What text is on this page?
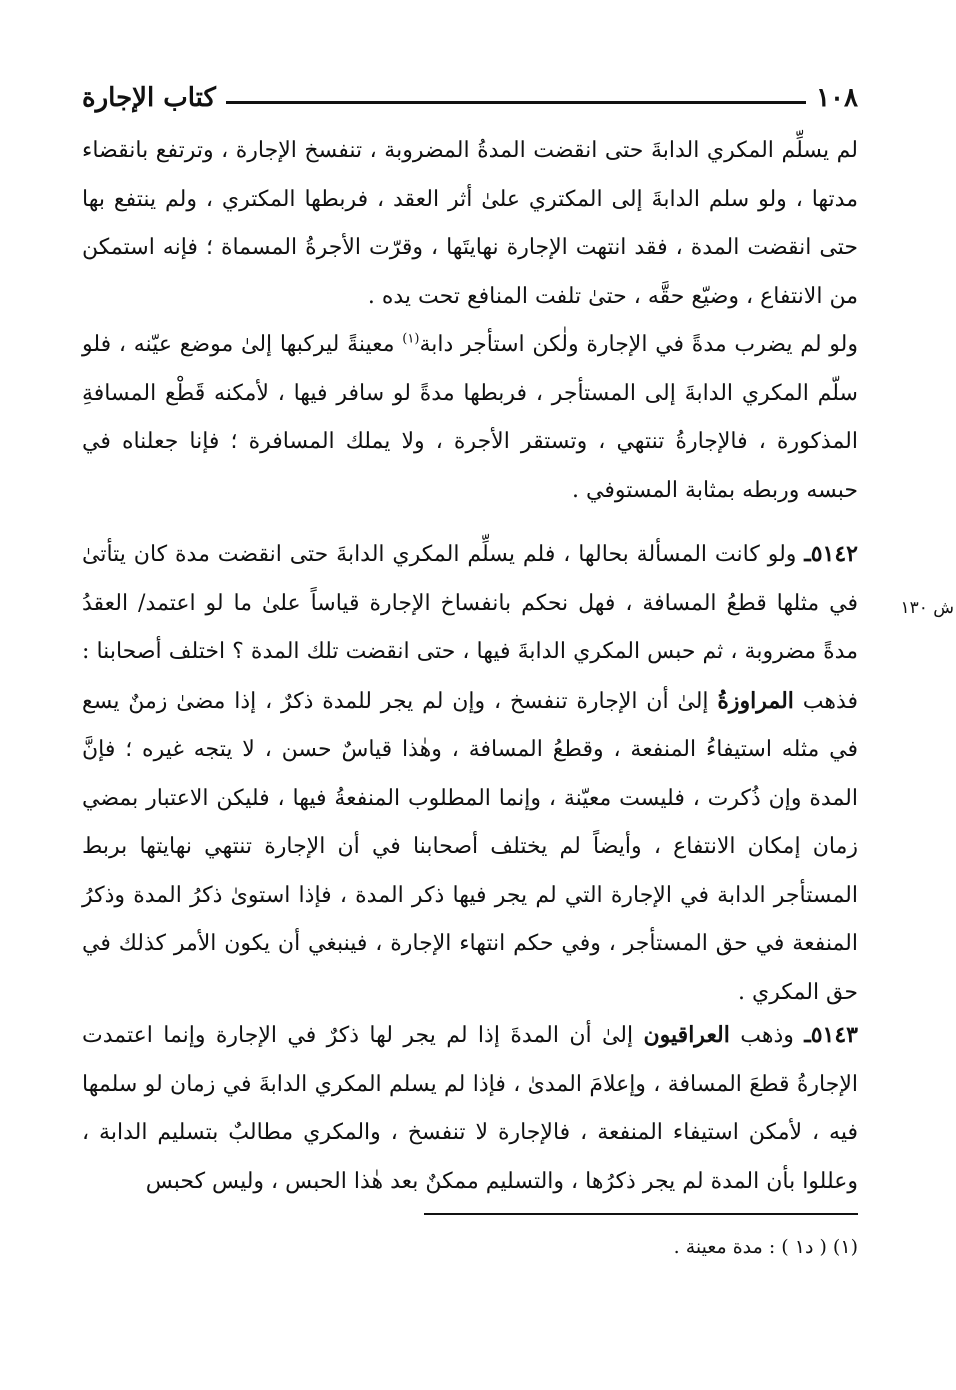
١٠٨
كتاب الإجارة

لم يسلِّم المكري الدابةَ حتى انقضت المدةُ المضروبة ، تنفسخ الإجارة ، وترتفع بانقضاء مدتها ، ولو سلم الدابةَ إلى المكتري علىٰ أثر العقد ، فربطها المكتري ، ولم ينتفع بها حتى انقضت المدة ، فقد انتهت الإجارة نهايتَها ، وقرّت الأجرةُ المسماة ؛ فإنه استمكن من الانتفاع ، وضيّع حقَّه ، حتىٰ تلفت المنافع تحت يده .

ولو لم يضرب مدةً في الإجارة ولٰكن استأجر دابة$^{(١)}$ معينةً ليركبها إلىٰ موضع عيّنه ، فلو سلّم المكري الدابةَ إلى المستأجر ، فربطها مدةً لو سافر فيها ، لأمكنه قَطْع المسافةِ المذكورة ، فالإجارةُ تنتهي ، وتستقر الأجرة ، ولا يملك المسافرة ؛ فإنا جعلناه في حبسه وربطه بمثابة المستوفي .

٥١٤٢ـ ولو كانت المسألة بحالها ، فلم يسلِّم المكري الدابةَ حتى انقضت مدة كان يتأتىٰ في مثلها قطعُ المسافة ، فهل نحكم بانفساخ الإجارة قياساً علىٰ ما لو اعتمد/ العقدُ مدةً مضروبة ، ثم حبس المكري الدابةَ فيها ، حتى انقضت تلك المدة ؟ اختلف أصحابنا : فذهب المراوزةُ إلىٰ أن الإجارة تنفسخ ، وإن لم يجر للمدة ذكرٌ ، إذا مضىٰ زمنٌ يسع في مثله استيفاءُ المنفعة ، وقطعُ المسافة ، وهٰذا قياسٌ حسن ، لا يتجه غيره ؛ فإنَّ المدة وإن ذُكرت ، فليست معيّنة ، وإنما المطلوب المنفعةُ فيها ، فليكن الاعتبار بمضي زمان إمكان الانتفاع ، وأيضاً لم يختلف أصحابنا في أن الإجارة تنتهي نهايتها بربط المستأجر الدابة في الإجارة التي لم يجر فيها ذكر المدة ، فإذا استوىٰ ذكرُ المدة وذكرُ المنفعة في حق المستأجر ، وفي حكم انتهاء الإجارة ، فينبغي أن يكون الأمر كذلك في حق المكري .

ش ١٣٠

٥١٤٣ـ وذهب العراقيون إلىٰ أن المدةَ إذا لم يجر لها ذكرٌ في الإجارة وإنما اعتمدت الإجارةُ قطعَ المسافة ، وإعلامَ المدىٰ ، فإذا لم يسلم المكري الدابةَ في زمان لو سلمها فيه ، لأمكن استيفاء المنفعة ، فالإجارة لا تنفسخ ، والمكري مطالبٌ بتسليم الدابة ، وعللوا بأن المدة لم يجر ذكرُها ، والتسليم ممكنٌ بعد هٰذا الحبس ، وليس كحبس

(١) ( د١ ) : مدة معينة .
